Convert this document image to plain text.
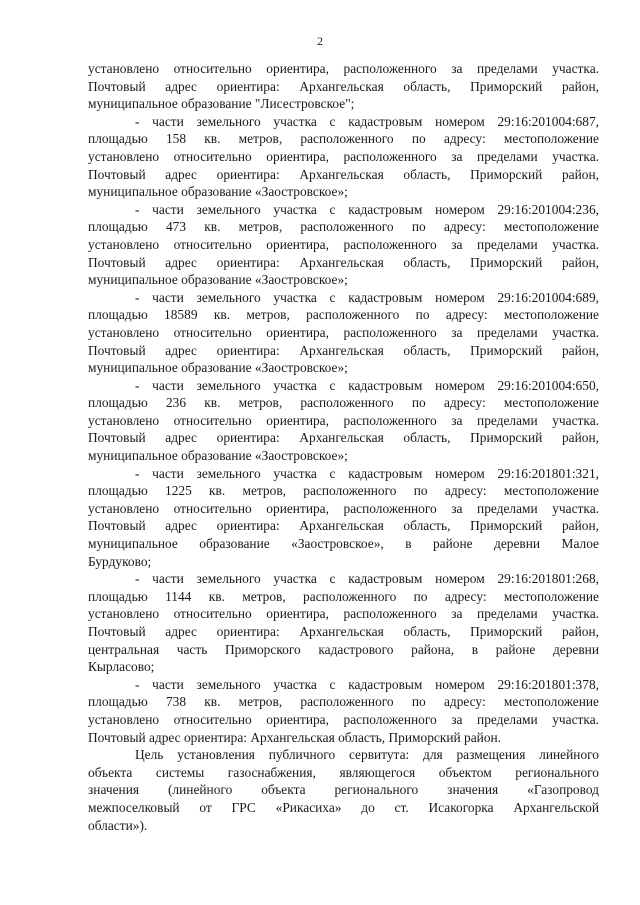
2

установлено относительно ориентира, расположенного за пределами участка.

Почтовый адрес ориентира: Архангельская область, Приморский район,

муниципальное образование "Лисестровское";

- части земельного участка с кадастровым номером 29:16:201004:687,

площадью 158 кв. метров, расположенного по адресу: местоположение

установлено относительно ориентира, расположенного за пределами участка.

Почтовый адрес ориентира: Архангельская область, Приморский район,

муниципальное образование «Заостровское»;

- части земельного участка с кадастровым номером 29:16:201004:236,

площадью 473 кв. метров, расположенного по адресу: местоположение

установлено относительно ориентира, расположенного за пределами участка.

Почтовый адрес ориентира: Архангельская область, Приморский район,

муниципальное образование «Заостровское»;

- части земельного участка с кадастровым номером 29:16:201004:689,

площадью 18589 кв. метров, расположенного по адресу: местоположение

установлено относительно ориентира, расположенного за пределами участка.

Почтовый адрес ориентира: Архангельская область, Приморский район,

муниципальное образование «Заостровское»;

- части земельного участка с кадастровым номером 29:16:201004:650,

площадью 236 кв. метров, расположенного по адресу: местоположение

установлено относительно ориентира, расположенного за пределами участка.

Почтовый адрес ориентира: Архангельская область, Приморский район,

муниципальное образование «Заостровское»;

- части земельного участка с кадастровым номером 29:16:201801:321,

площадью 1225 кв. метров, расположенного по адресу: местоположение

установлено относительно ориентира, расположенного за пределами участка.

Почтовый адрес ориентира: Архангельская область, Приморский район,

муниципальное образование «Заостровское», в районе деревни Малое

Бурдуково;

- части земельного участка с кадастровым номером 29:16:201801:268,

площадью 1144 кв. метров, расположенного по адресу: местоположение

установлено относительно ориентира, расположенного за пределами участка.

Почтовый адрес ориентира: Архангельская область, Приморский район,

центральная часть Приморского кадастрового района, в районе деревни

Кырласово;

- части земельного участка с кадастровым номером 29:16:201801:378,

площадью 738 кв. метров, расположенного по адресу: местоположение

установлено относительно ориентира, расположенного за пределами участка.

Почтовый адрес ориентира: Архангельская область, Приморский район.

Цель установления публичного сервитута: для размещения линейного

объекта системы газоснабжения, являющегося объектом регионального

значения (линейного объекта регионального значения «Газопровод

межпоселковый от ГРС «Рикасиха» до ст. Исакогорка Архангельской

области»).
